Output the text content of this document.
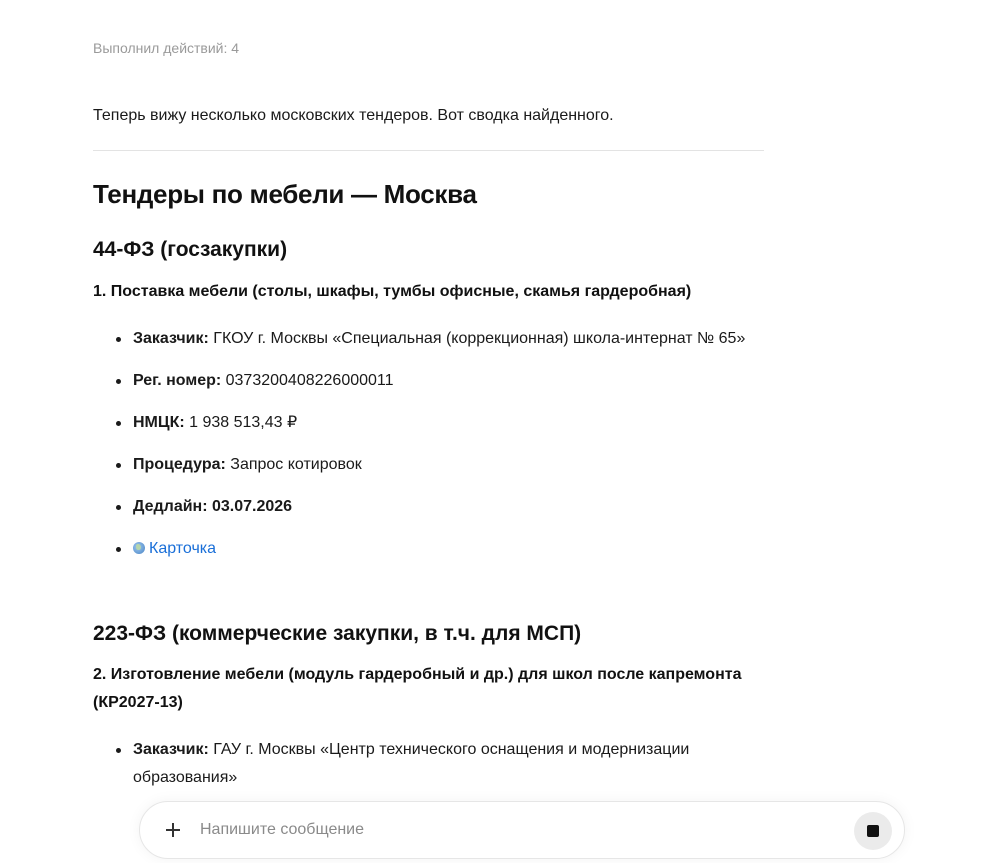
Выполнил действий: 4
Теперь вижу несколько московских тендеров. Вот сводка найденного.
Тендеры по мебели — Москва
44-ФЗ (госзакупки)
1. Поставка мебели (столы, шкафы, тумбы офисные, скамья гардеробная)
Заказчик: ГКОУ г. Москвы «Специальная (коррекционная) школа-интернат № 65»
Рег. номер: 0373200408226000011
НМЦК: 1 938 513,43 ₽
Процедура: Запрос котировок
Дедлайн: 03.07.2026
Карточка
223-ФЗ (коммерческие закупки, в т.ч. для МСП)
2. Изготовление мебели (модуль гардеробный и др.) для школ после капремонта (КР2027-13)
Заказчик: ГАУ г. Москвы «Центр технического оснащения и модернизации образования»
Напишите сообщение
